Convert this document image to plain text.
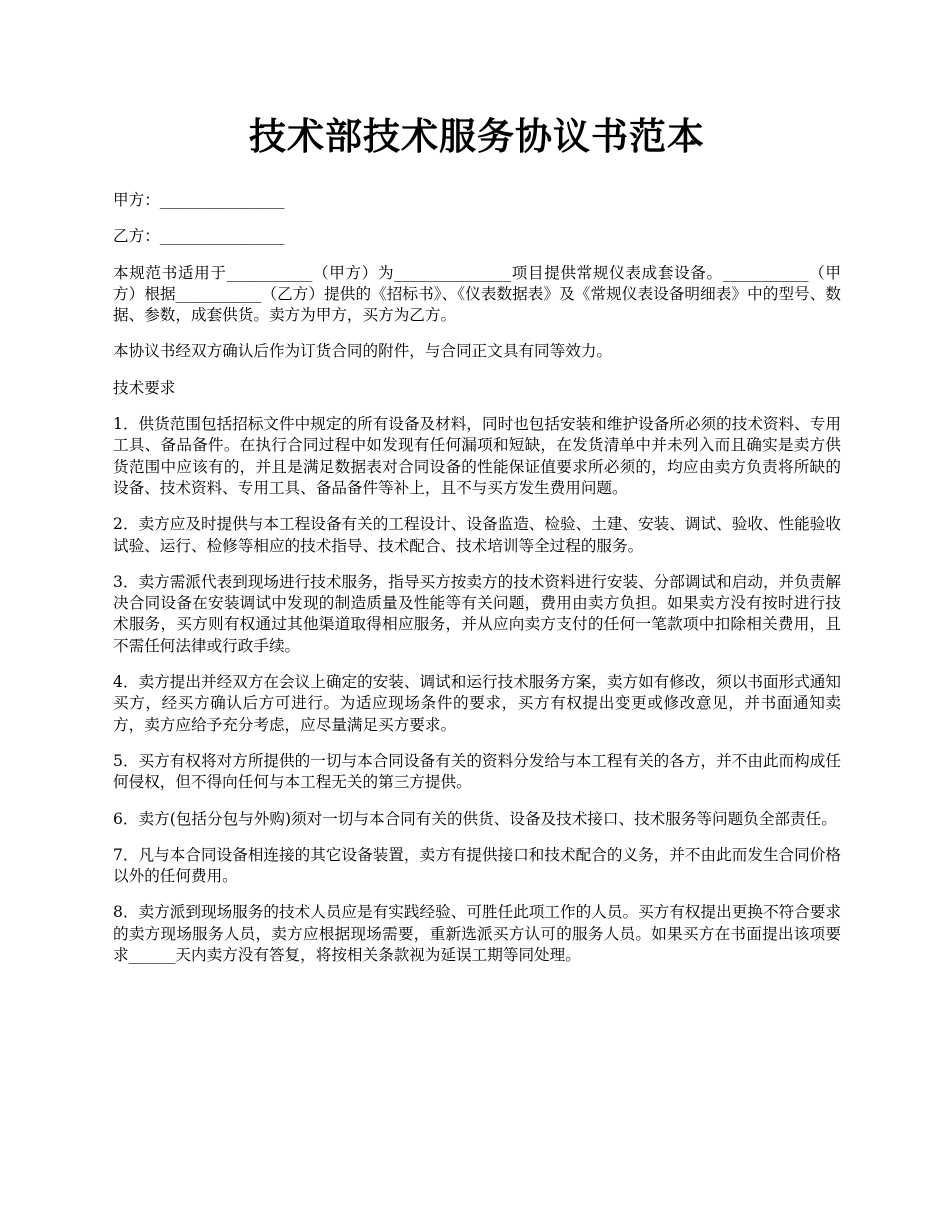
技术部技术服务协议书范本

甲方：________________

乙方：________________

本规范书适用于___________（甲方）为_______________项目提供常规仪表成套设备。___________（甲方）根据___________（乙方）提供的《招标书》、《仪表数据表》及《常规仪表设备明细表》中的型号、数据、参数，成套供货。卖方为甲方，买方为乙方。

本协议书经双方确认后作为订货合同的附件，与合同正文具有同等效力。

技术要求

1．供货范围包括招标文件中规定的所有设备及材料，同时也包括安装和维护设备所必须的技术资料、专用工具、备品备件。在执行合同过程中如发现有任何漏项和短缺，在发货清单中并未列入而且确实是卖方供货范围中应该有的，并且是满足数据表对合同设备的性能保证值要求所必须的，均应由卖方负责将所缺的设备、技术资料、专用工具、备品备件等补上，且不与买方发生费用问题。

2．卖方应及时提供与本工程设备有关的工程设计、设备监造、检验、土建、安装、调试、验收、性能验收试验、运行、检修等相应的技术指导、技术配合、技术培训等全过程的服务。

3．卖方需派代表到现场进行技术服务，指导买方按卖方的技术资料进行安装、分部调试和启动，并负责解决合同设备在安装调试中发现的制造质量及性能等有关问题，费用由卖方负担。如果卖方没有按时进行技术服务，买方则有权通过其他渠道取得相应服务，并从应向卖方支付的任何一笔款项中扣除相关费用，且不需任何法律或行政手续。

4．卖方提出并经双方在会议上确定的安装、调试和运行技术服务方案，卖方如有修改，须以书面形式通知买方，经买方确认后方可进行。为适应现场条件的要求，买方有权提出变更或修改意见，并书面通知卖方，卖方应给予充分考虑，应尽量满足买方要求。

5．买方有权将对方所提供的一切与本合同设备有关的资料分发给与本工程有关的各方，并不由此而构成任何侵权，但不得向任何与本工程无关的第三方提供。

6．卖方(包括分包与外购)须对一切与本合同有关的供货、设备及技术接口、技术服务等问题负全部责任。

7．凡与本合同设备相连接的其它设备装置，卖方有提供接口和技术配合的义务，并不由此而发生合同价格以外的任何费用。

8．卖方派到现场服务的技术人员应是有实践经验、可胜任此项工作的人员。买方有权提出更换不符合要求的卖方现场服务人员，卖方应根据现场需要，重新选派买方认可的服务人员。如果买方在书面提出该项要求______天内卖方没有答复，将按相关条款视为延误工期等同处理。
